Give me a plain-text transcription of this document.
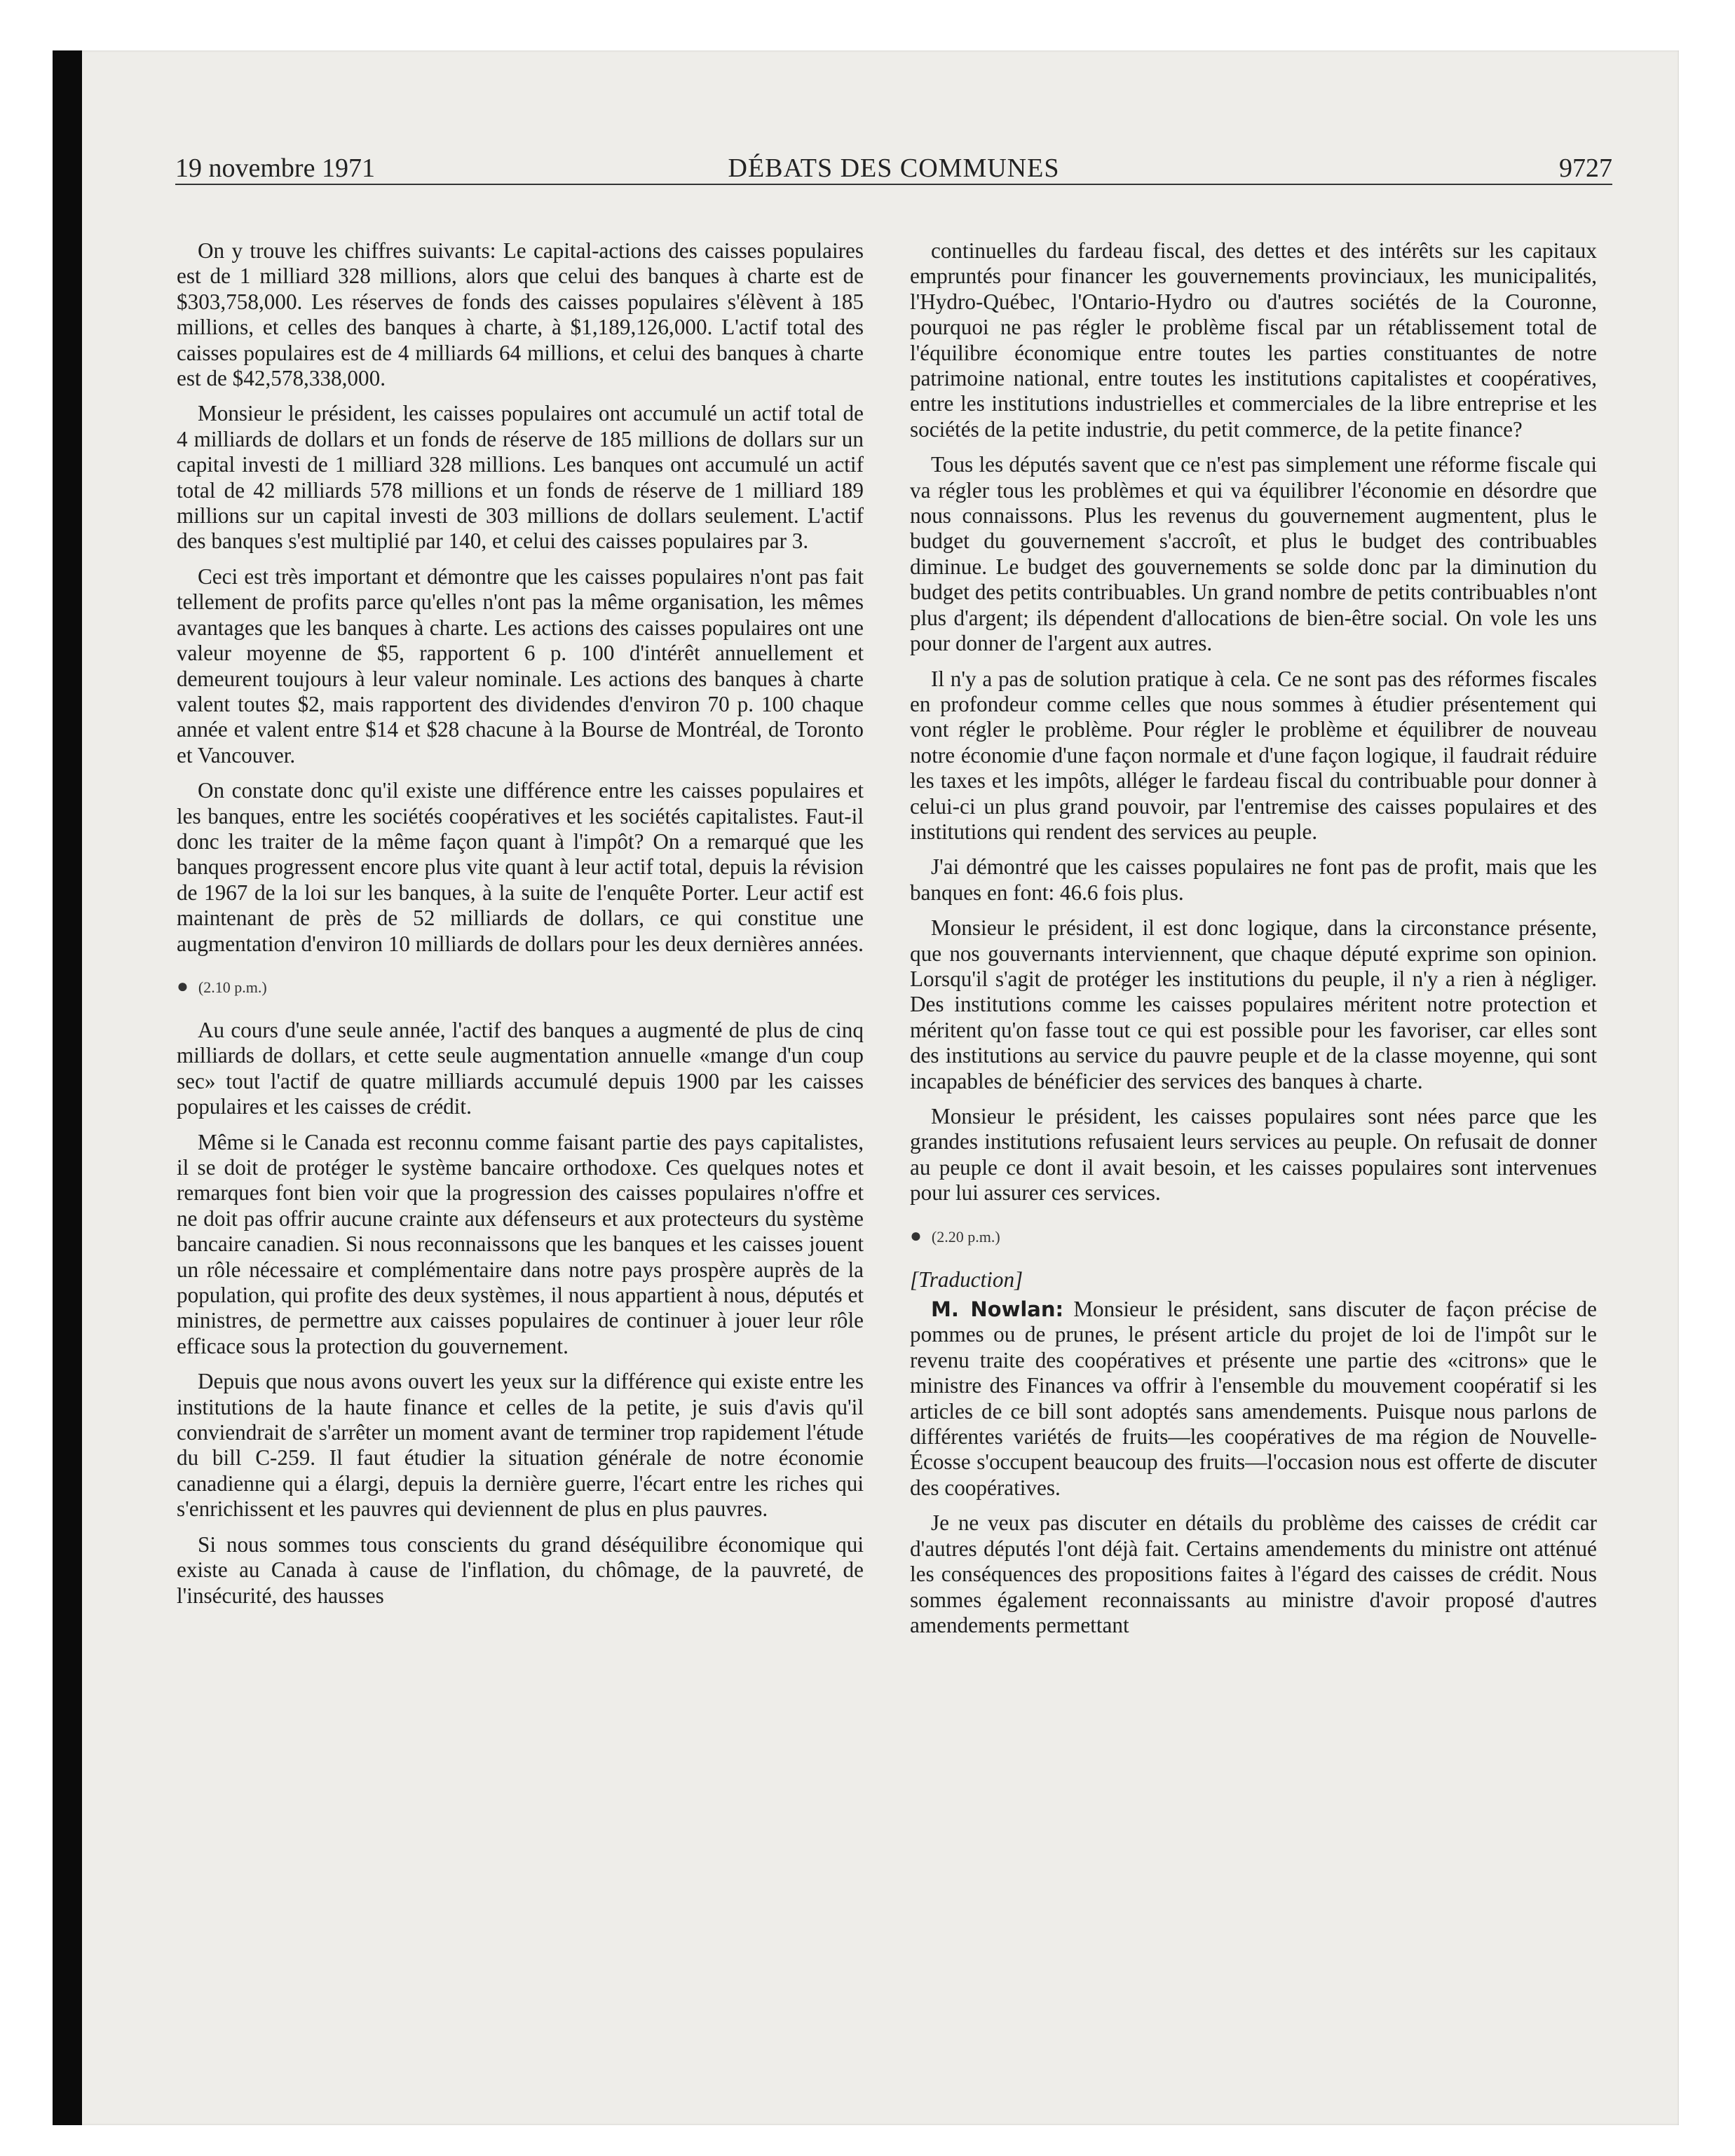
19 novembre 1971	DÉBATS DES COMMUNES	9727

On y trouve les chiffres suivants: Le capital-actions des caisses populaires est de 1 milliard 328 millions, alors que celui des banques à charte est de $303,758,000. Les réserves de fonds des caisses populaires s'élèvent à 185 millions, et celles des banques à charte, à $1,189,126,000. L'actif total des caisses populaires est de 4 milliards 64 millions, et celui des banques à charte est de $42,578,338,000.

Monsieur le président, les caisses populaires ont accumulé un actif total de 4 milliards de dollars et un fonds de réserve de 185 millions de dollars sur un capital investi de 1 milliard 328 millions. Les banques ont accumulé un actif total de 42 milliards 578 millions et un fonds de réserve de 1 milliard 189 millions sur un capital investi de 303 millions de dollars seulement. L'actif des banques s'est multiplié par 140, et celui des caisses populaires par 3.

Ceci est très important et démontre que les caisses populaires n'ont pas fait tellement de profits parce qu'elles n'ont pas la même organisation, les mêmes avantages que les banques à charte. Les actions des caisses populaires ont une valeur moyenne de $5, rapportent 6 p. 100 d'intérêt annuellement et demeurent toujours à leur valeur nominale. Les actions des banques à charte valent toutes $2, mais rapportent des dividendes d'environ 70 p. 100 chaque année et valent entre $14 et $28 chacune à la Bourse de Montréal, de Toronto et Vancouver.

On constate donc qu'il existe une différence entre les caisses populaires et les banques, entre les sociétés coopératives et les sociétés capitalistes. Faut-il donc les traiter de la même façon quant à l'impôt? On a remarqué que les banques progressent encore plus vite quant à leur actif total, depuis la révision de 1967 de la loi sur les banques, à la suite de l'enquête Porter. Leur actif est maintenant de près de 52 milliards de dollars, ce qui constitue une augmentation d'environ 10 milliards de dollars pour les deux dernières années.

● (2.10 p.m.)

Au cours d'une seule année, l'actif des banques a augmenté de plus de cinq milliards de dollars, et cette seule augmentation annuelle «mange d'un coup sec» tout l'actif de quatre milliards accumulé depuis 1900 par les caisses populaires et les caisses de crédit.

Même si le Canada est reconnu comme faisant partie des pays capitalistes, il se doit de protéger le système bancaire orthodoxe. Ces quelques notes et remarques font bien voir que la progression des caisses populaires n'offre et ne doit pas offrir aucune crainte aux défenseurs et aux protecteurs du système bancaire canadien. Si nous reconnaissons que les banques et les caisses jouent un rôle nécessaire et complémentaire dans notre pays prospère auprès de la population, qui profite des deux systèmes, il nous appartient à nous, députés et ministres, de permettre aux caisses populaires de continuer à jouer leur rôle efficace sous la protection du gouvernement.

Depuis que nous avons ouvert les yeux sur la différence qui existe entre les institutions de la haute finance et celles de la petite, je suis d'avis qu'il conviendrait de s'arrêter un moment avant de terminer trop rapidement l'étude du bill C-259. Il faut étudier la situation générale de notre économie canadienne qui a élargi, depuis la dernière guerre, l'écart entre les riches qui s'enrichissent et les pauvres qui deviennent de plus en plus pauvres.

Si nous sommes tous conscients du grand déséquilibre économique qui existe au Canada à cause de l'inflation, du chômage, de la pauvreté, de l'insécurité, des hausses

continuelles du fardeau fiscal, des dettes et des intérêts sur les capitaux empruntés pour financer les gouvernements provinciaux, les municipalités, l'Hydro-Québec, l'Ontario-Hydro ou d'autres sociétés de la Couronne, pourquoi ne pas régler le problème fiscal par un rétablissement total de l'équilibre économique entre toutes les parties constituantes de notre patrimoine national, entre toutes les institutions capitalistes et coopératives, entre les institutions industrielles et commerciales de la libre entreprise et les sociétés de la petite industrie, du petit commerce, de la petite finance?

Tous les députés savent que ce n'est pas simplement une réforme fiscale qui va régler tous les problèmes et qui va équilibrer l'économie en désordre que nous connaissons. Plus les revenus du gouvernement augmentent, plus le budget du gouvernement s'accroît, et plus le budget des contribuables diminue. Le budget des gouvernements se solde donc par la diminution du budget des petits contribuables. Un grand nombre de petits contribuables n'ont plus d'argent; ils dépendent d'allocations de bien-être social. On vole les uns pour donner de l'argent aux autres.

Il n'y a pas de solution pratique à cela. Ce ne sont pas des réformes fiscales en profondeur comme celles que nous sommes à étudier présentement qui vont régler le problème. Pour régler le problème et équilibrer de nouveau notre économie d'une façon normale et d'une façon logique, il faudrait réduire les taxes et les impôts, alléger le fardeau fiscal du contribuable pour donner à celui-ci un plus grand pouvoir, par l'entremise des caisses populaires et des institutions qui rendent des services au peuple.

J'ai démontré que les caisses populaires ne font pas de profit, mais que les banques en font: 46.6 fois plus.

Monsieur le président, il est donc logique, dans la circonstance présente, que nos gouvernants interviennent, que chaque député exprime son opinion. Lorsqu'il s'agit de protéger les institutions du peuple, il n'y a rien à négliger. Des institutions comme les caisses populaires méritent notre protection et méritent qu'on fasse tout ce qui est possible pour les favoriser, car elles sont des institutions au service du pauvre peuple et de la classe moyenne, qui sont incapables de bénéficier des services des banques à charte.

Monsieur le président, les caisses populaires sont nées parce que les grandes institutions refusaient leurs services au peuple. On refusait de donner au peuple ce dont il avait besoin, et les caisses populaires sont intervenues pour lui assurer ces services.

● (2.20 p.m.)

[Traduction]

M. Nowlan: Monsieur le président, sans discuter de façon précise de pommes ou de prunes, le présent article du projet de loi de l'impôt sur le revenu traite des coopératives et présente une partie des «citrons» que le ministre des Finances va offrir à l'ensemble du mouvement coopératif si les articles de ce bill sont adoptés sans amendements. Puisque nous parlons de différentes variétés de fruits—les coopératives de ma région de Nouvelle-Écosse s'occupent beaucoup des fruits—l'occasion nous est offerte de discuter des coopératives.

Je ne veux pas discuter en détails du problème des caisses de crédit car d'autres députés l'ont déjà fait. Certains amendements du ministre ont atténué les conséquences des propositions faites à l'égard des caisses de crédit. Nous sommes également reconnaissants au ministre d'avoir proposé d'autres amendements permettant
